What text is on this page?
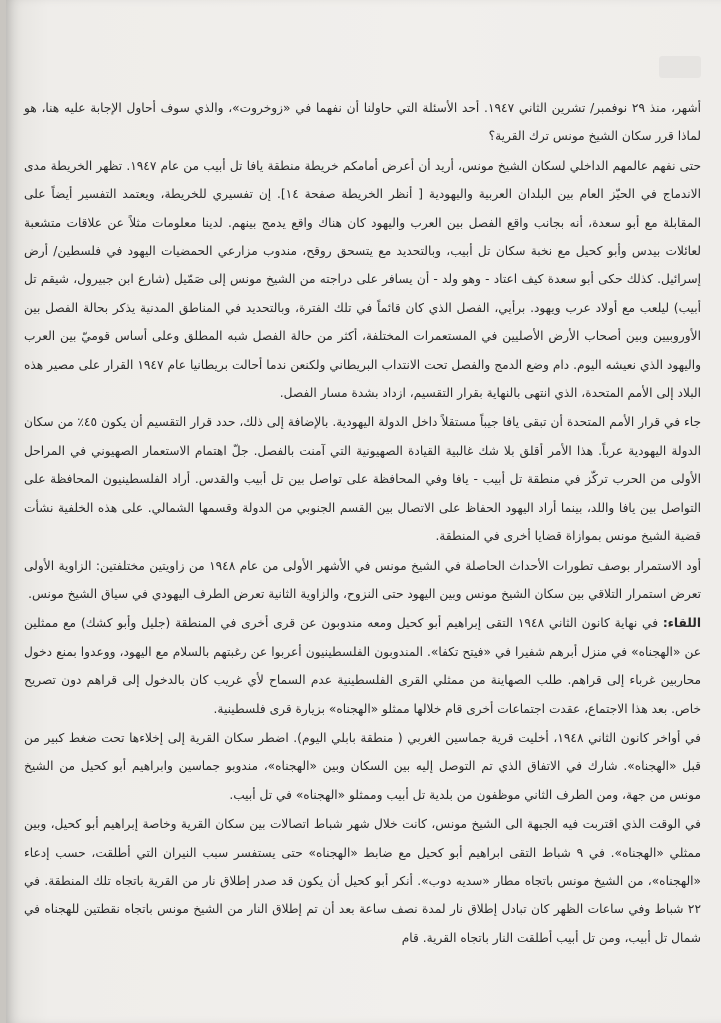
أشهر، منذ ٢٩ نوفمبر/ تشرين الثاني ١٩٤٧. أحد الأسئلة التي حاولنا أن نفهما في «زوخروت»، والذي سوف أحاول الإجابة عليه هنا، هو لماذا قرر سكان الشيخ مونس ترك القرية؟

حتى نفهم عالمهم الداخلي لسكان الشيخ مونس، أريد أن أعرض أمامكم خريطة منطقة يافا تل أبيب من عام ١٩٤٧. تظهر الخريطة مدى الاندماج في الحيّز العام بين البلدان العربية واليهودية [ أنظر الخريطة صفحة ١٤]. إن تفسيري للخريطة، ويعتمد التفسير أيضاً على المقابلة مع أبو سعدة، أنه بجانب واقع الفصل بين العرب واليهود كان هناك واقع يدمج بينهم. لدينا معلومات مثلاً عن علاقات متشعبة لعائلات بيدس وأبو كحيل مع نخبة سكان تل أبيب، وبالتحديد مع يتسحق روقح، مندوب مزارعي الحمضيات اليهود في فلسطين/ أرض إسرائيل. كذلك حكى أبو سعدة كيف اعتاد - وهو ولد - أن يسافر على دراجته من الشيخ مونس إلى صَمّيل (شارع ابن جبيرول، شيقم تل أبيب) ليلعب مع أولاد عرب ويهود. برأيي، الفصل الذي كان قائماً في تلك الفترة، وبالتحديد في المناطق المدنية يذكر بحالة الفصل بين الأوروبيين وبين أصحاب الأرض الأصليين في المستعمرات المختلفة، أكثر من حالة الفصل شبه المطلق وعلى أساس قوميّ بين العرب واليهود الذي نعيشه اليوم. دام وضع الدمج والفصل تحت الانتداب البريطاني ولكنعن ندما أحالت بريطانيا عام ١٩٤٧ القرار على مصير هذه البلاد إلى الأمم المتحدة، الذي انتهى بالنهاية بقرار التقسيم، ازداد بشدة مسار الفصل.

جاء في قرار الأمم المتحدة أن تبقى يافا جيباً مستقلاً داخل الدولة اليهودية. بالإضافة إلى ذلك، حدد قرار التقسيم أن يكون ٤٥٪ من سكان الدولة اليهودية عرباً. هذا الأمر أقلق بلا شك غالبية القيادة الصهيونية التي آمنت بالفصل. جلّ اهتمام الاستعمار الصهيوني في المراحل الأولى من الحرب تركّز في منطقة تل أبيب - يافا وفي المحافظة على تواصل بين تل أبيب والقدس. أراد الفلسطينيون المحافظة على التواصل بين يافا واللد، بينما أراد اليهود الحفاظ على الاتصال بين القسم الجنوبي من الدولة وقسمها الشمالي. على هذه الخلفية نشأت قضية الشيخ مونس بموازاة قضايا أخرى في المنطقة.

أود الاستمرار بوصف تطورات الأحداث الحاصلة في الشيخ مونس في الأشهر الأولى من عام ١٩٤٨ من زاويتين مختلفتين: الزاوية الأولى تعرض استمرار التلاقي بين سكان الشيخ مونس وبين اليهود حتى النزوح، والزاوية الثانية تعرض الطرف اليهودي في سياق الشيخ مونس.

اللقاء: في نهاية كانون الثاني ١٩٤٨ التقى إبراهيم أبو كحيل ومعه مندوبون عن قرى أخرى في المنطقة (جليل وأبو كشك) مع ممثلين عن «الهجناه» في منزل أبرهم شفيرا في «فيتح تكفا». المندوبون الفلسطينيون أعربوا عن رغبتهم بالسلام مع اليهود، ووعدوا بمنع دخول محاربين غرباء إلى قراهم. طلب الصهاينة من ممثلي القرى الفلسطينية عدم السماح لأي غريب كان بالدخول إلى قراهم دون تصريح خاص. بعد هذا الاجتماع، عقدت اجتماعات أخرى قام خلالها ممثلو «الهجناه» بزيارة قرى فلسطينية.

في أواخر كانون الثاني ١٩٤٨، أخليت قرية جماسين الغربي ( منطقة بابلي اليوم). اضطر سكان القرية إلى إخلاءها تحت ضغط كبير من قبل «الهجناه». شارك في الاتفاق الذي تم التوصل إليه بين السكان وبين «الهجناه»، مندوبو جماسين وابراهيم أبو كحيل من الشيخ مونس من جهة، ومن الطرف الثاني موظفون من بلدية تل أبيب وممثلو «الهجناه» في تل أبيب.

في الوقت الذي اقتربت فيه الجبهة الى الشيخ مونس، كانت خلال شهر شباط اتصالات بين سكان القرية وخاصة إبراهيم أبو كحيل، وبين ممثلي «الهجناه». في ٩ شباط التقى ابراهيم أبو كحيل مع ضابط «الهجناه» حتى يستفسر سبب النيران التي أطلقت، حسب إدعاء «الهجناه»، من الشيخ مونس باتجاه مطار «سديه دوب». أنكر أبو كحيل أن يكون قد صدر إطلاق نار من القرية باتجاه تلك المنطقة. في ٢٢ شباط وفي ساعات الظهر كان تبادل إطلاق نار لمدة نصف ساعة بعد أن تم إطلاق النار من الشيخ مونس باتجاه نقطتين للهجناه في شمال تل أبيب، ومن تل أبيب أطلقت النار باتجاه القرية. قام
